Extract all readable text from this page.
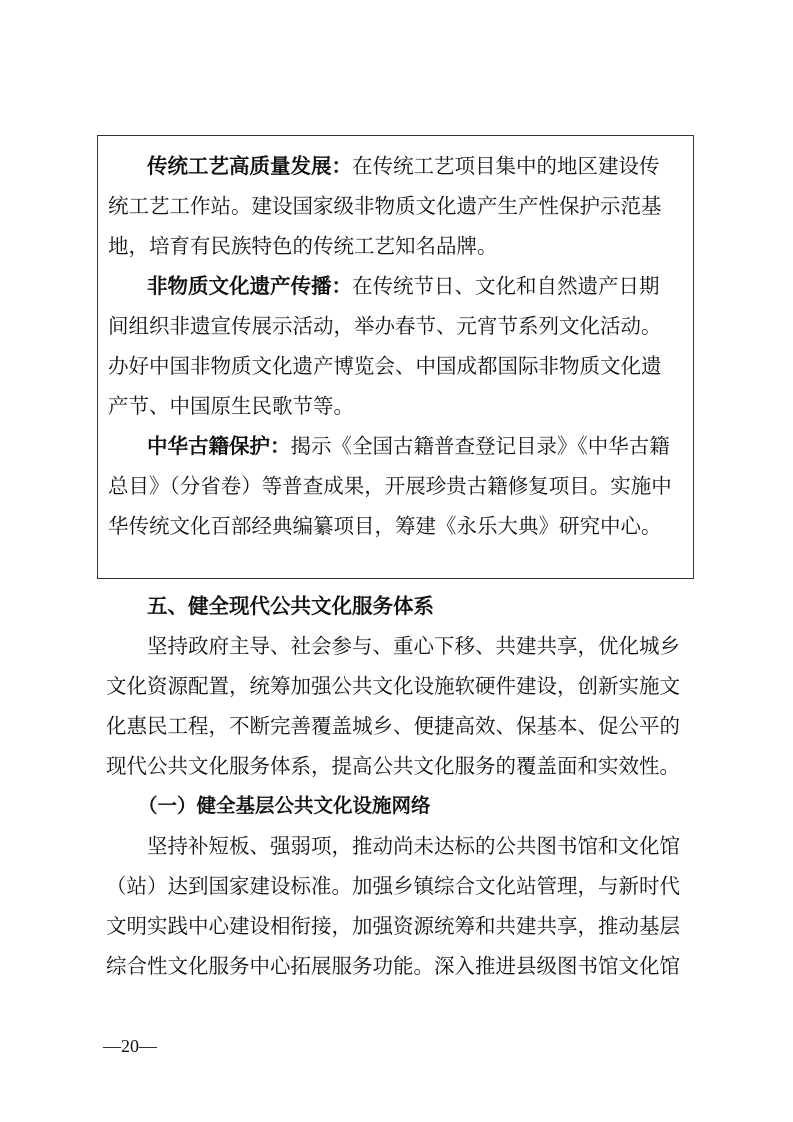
传统工艺高质量发展：在传统工艺项目集中的地区建设传
统工艺工作站。建设国家级非物质文化遗产生产性保护示范基
地，培育有民族特色的传统工艺知名品牌。
非物质文化遗产传播：在传统节日、文化和自然遗产日期
间组织非遗宣传展示活动，举办春节、元宵节系列文化活动。
办好中国非物质文化遗产博览会、中国成都国际非物质文化遗
产节、中国原生民歌节等。
中华古籍保护：揭示《全国古籍普查登记目录》《中华古籍
总目》（分省卷）等普查成果，开展珍贵古籍修复项目。实施中
华传统文化百部经典编纂项目，筹建《永乐大典》研究中心。
五、健全现代公共文化服务体系
坚持政府主导、社会参与、重心下移、共建共享，优化城乡
文化资源配置，统筹加强公共文化设施软硬件建设，创新实施文
化惠民工程，不断完善覆盖城乡、便捷高效、保基本、促公平的
现代公共文化服务体系，提高公共文化服务的覆盖面和实效性。
（一）健全基层公共文化设施网络
坚持补短板、强弱项，推动尚未达标的公共图书馆和文化馆
（站）达到国家建设标准。加强乡镇综合文化站管理，与新时代
文明实践中心建设相衔接，加强资源统筹和共建共享，推动基层
综合性文化服务中心拓展服务功能。深入推进县级图书馆文化馆
—20—
